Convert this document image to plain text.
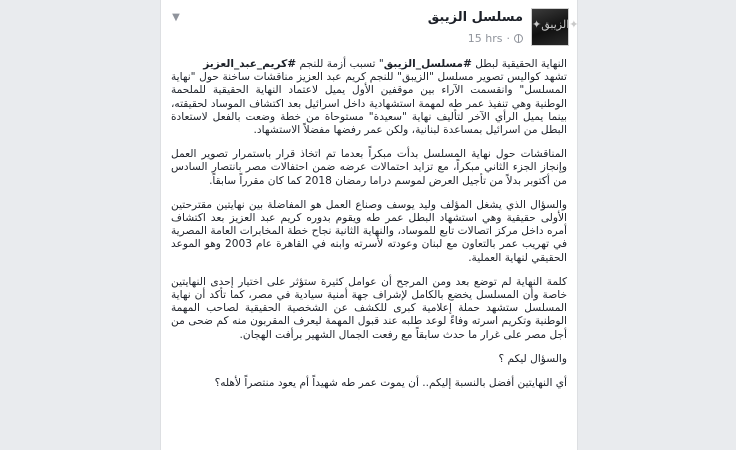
✦ﺍﻟﺰﻳﺒﻖ✦
مسلسل الزيبق
15 hrs ·
▼

النهاية الحقيقية لبطل #مسلسل_الزيبق" تسبب أزمة للنجم #كريم_عبد_العزيز

تشهد كواليس تصوير مسلسل "الزيبق" للنجم كريم عبد العزيز مناقشات ساخنة حول "نهاية المسلسل" وانقسمت الآراء بين موقفين الأول يميل لاعتماد النهاية الحقيقية للملحمة الوطنية وهي تنفيذ عمر طه لمهمة استشهادية داخل اسرائيل بعد اكتشاف الموساد لحقيقته، بينما يميل الرأي الآخر لتأليف نهاية "سعيدة" مستوحاة من خطة وضعت بالفعل لاستعادة البطل من اسرائيل بمساعدة لبنانية، ولكن عمر رفضها مفضلاً الاستشهاد.

المناقشات حول نهاية المسلسل بدأت مبكراً بعدما تم اتخاذ قرار باستمرار تصوير العمل وإنجاز الجزء الثاني مبكراً، مع تزايد احتمالات عرضه ضمن احتفالات مصر بانتصار السادس من أكتوبر بدلاً من تأجيل العرض لموسم دراما رمضان 2018 كما كان مقرراً سابقاً.

والسؤال الذي يشغل المؤلف وليد يوسف وصناع العمل هو المفاضلة بين نهايتين مقترحتين الأولى حقيقية وهي استشهاد البطل عمر طه ويقوم بدوره كريم عبد العزيز بعد اكتشاف أمره داخل مركز اتصالات تابع للموساد، والنهاية الثانية نجاح خطة المخابرات العامة المصرية في تهريب عمر بالتعاون مع لبنان وعودته لأسرته وابنه في القاهرة عام 2003 وهو الموعد الحقيقي لنهاية العملية.

كلمة النهاية لم توضع بعد ومن المرجح أن عوامل كثيرة ستؤثر على اختيار إحدى النهايتين خاصة وأن المسلسل يخضع بالكامل لإشراف جهة أمنية سيادية في مصر، كما تأكد أن نهاية المسلسل ستشهد حملة إعلامية كبرى للكشف عن الشخصية الحقيقية لصاحب المهمة الوطنية وتكريم اسرته وفاءً لوعد طلبه عند قبول المهمة ليعرف المقربون منه كم ضحى من أجل مصر على غرار ما حدث سابقاً مع رفعت الجمال الشهير برأفت الهجان.

والسؤال ليكم ؟

أي النهايتين أفضل بالنسبة إليكم.. أن يموت عمر طه شهيداً أم يعود منتصراً لأهله؟
